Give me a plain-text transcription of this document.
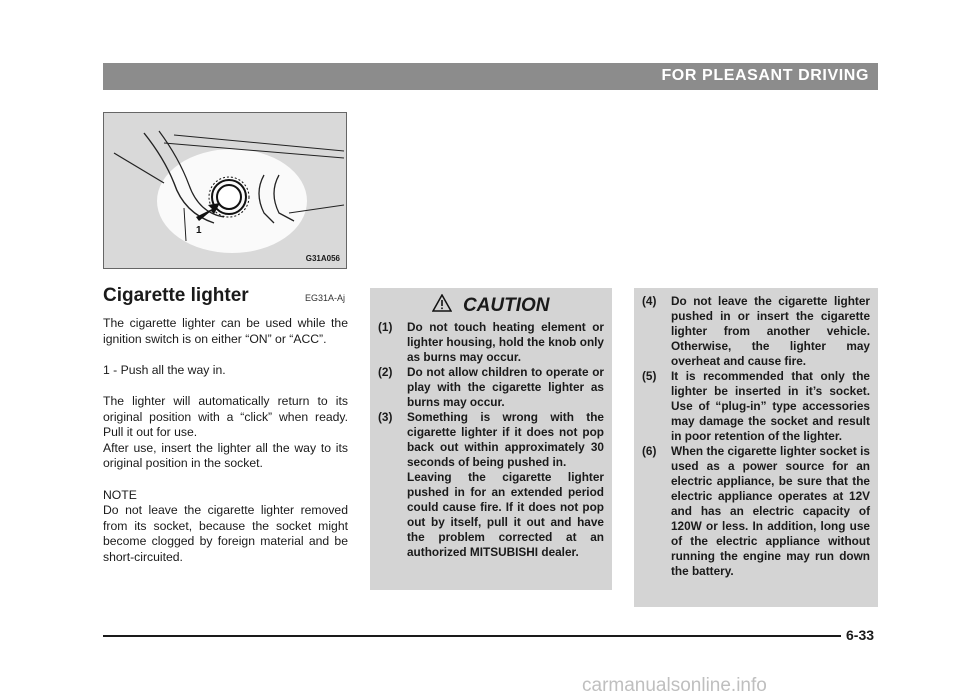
FOR PLEASANT DRIVING
1
G31A056
Cigarette lighter	EG31A-Aj

The cigarette lighter can be used while the ignition switch is on either “ON” or “ACC”.

1 - Push all the way in.

The lighter will automatically return to its original position with a “click” when ready. Pull it out for use.

After use, insert the lighter all the way to its original position in the socket.

NOTE

Do not leave the cigarette lighter removed from its socket, because the socket might become clogged by foreign material and be short-circuited.

CAUTION
(1)	Do not touch heating element or lighter housing, hold the knob only as burns may occur.
(2)	Do not allow children to operate or play with the cigarette lighter as burns may occur.
(3)	Something is wrong with the cigarette lighter if it does not pop back out within approximately 30 seconds of being pushed in.
Leaving the cigarette lighter pushed in for an extended period could cause fire. If it does not pop out by itself, pull it out and have the problem corrected at an authorized MITSUBISHI dealer.
(4)	Do not leave the cigarette lighter pushed in or insert the cigarette lighter from another vehicle. Otherwise, the lighter may overheat and cause fire.
(5)	It is recommended that only the lighter be inserted in it’s socket. Use of “plug-in” type accessories may damage the socket and result in poor retention of the lighter.
(6)	When the cigarette lighter socket is used as a power source for an electric appliance, be sure that the electric appliance operates at 12V and has an electric capacity of 120W or less. In addition, long use of the electric appliance without running the engine may run down the battery.
6-33
carmanualsonline.info
